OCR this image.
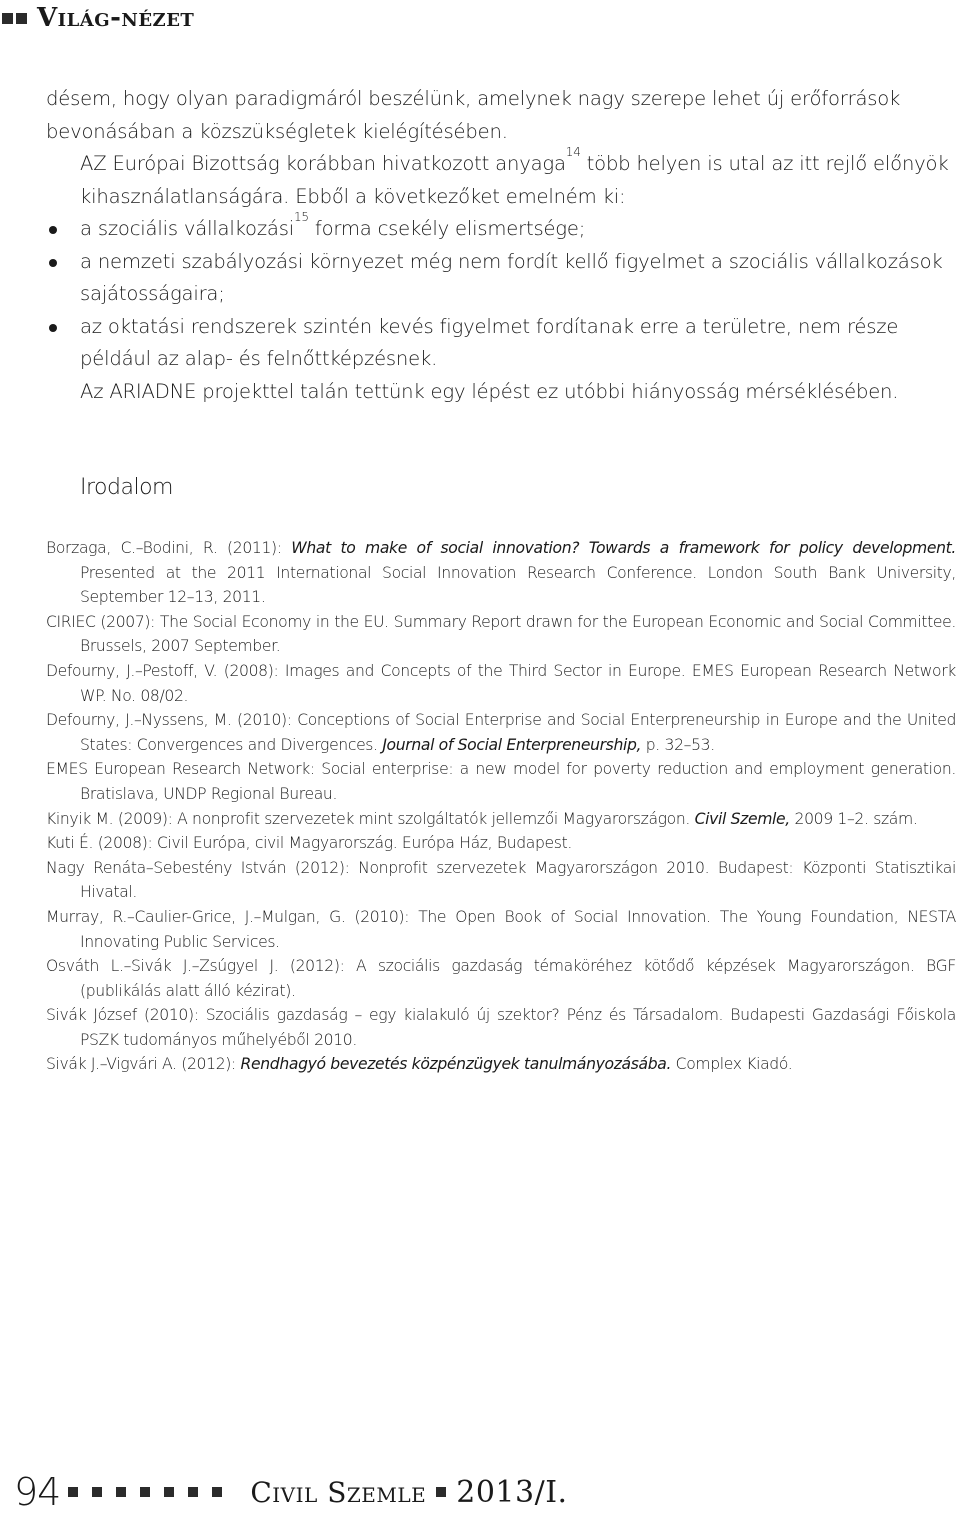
Világ-nézet

désem, hogy olyan paradigmáról beszélünk, amelynek nagy szerepe lehet új erőforrások bevonásában a közszükségletek kielégítésében.

AZ Európai Bizottság korábban hivatkozott anyaga$^{14}$ több helyen is utal az itt rejlő előnyök kihasználatlanságára. Ebből a következőket emelném ki:

a szociális vállalkozási$^{15}$ forma csekély elismertsége;
a nemzeti szabályozási környezet még nem fordít kellő figyelmet a szociális vállalkozások sajátosságaira;
az oktatási rendszerek szintén kevés figyelmet fordítanak erre a területre, nem része például az alap- és felnőttképzésnek.

Az ARIADNE projekttel talán tettünk egy lépést ez utóbbi hiányosság mérséklésében.

Irodalom

Borzaga, C.–Bodini, R. (2011): What to make of social innovation? Towards a framework for policy development. Presented at the 2011 International Social Innovation Research Conference. London South Bank University, September 12–13, 2011.

CIRIEC (2007): The Social Economy in the EU. Summary Report drawn for the European Economic and Social Committee. Brussels, 2007 September.

Defourny, J.–Pestoff, V. (2008): Images and Concepts of the Third Sector in Europe. EMES European Research Network WP. No. 08/02.

Defourny, J.–Nyssens, M. (2010): Conceptions of Social Enterprise and Social Enterpreneurship in Europe and the United States: Convergences and Divergences. Journal of Social Enterpreneurship, p. 32–53.

EMES European Research Network: Social enterprise: a new model for poverty reduction and employment generation. Bratislava, UNDP Regional Bureau.

Kinyik M. (2009): A nonprofit szervezetek mint szolgáltatók jellemzői Magyarországon. Civil Szemle, 2009 1–2. szám.

Kuti É. (2008): Civil Európa, civil Magyarország. Európa Ház, Budapest.

Nagy Renáta–Sebestény István (2012): Nonprofit szervezetek Magyarországon 2010. Budapest: Központi Statisztikai Hivatal.

Murray, R.–Caulier-Grice, J.–Mulgan, G. (2010): The Open Book of Social Innovation. The Young Foundation, NESTA Innovating Public Services.

Osváth L.–Sivák J.–Zsúgyel J. (2012): A szociális gazdaság témaköréhez kötődő képzések Magyarországon. BGF (publikálás alatt álló kézirat).

Sivák József (2010): Szociális gazdaság – egy kialakuló új szektor? Pénz és Társadalom. Budapesti Gazdasági Főiskola PSZK tudományos műhelyéből 2010.

Sivák J.–Vigvári A. (2012): Rendhagyó bevezetés közpénzügyek tanulmányozásába. Complex Kiadó.

94	Civil Szemle 2013/I.
